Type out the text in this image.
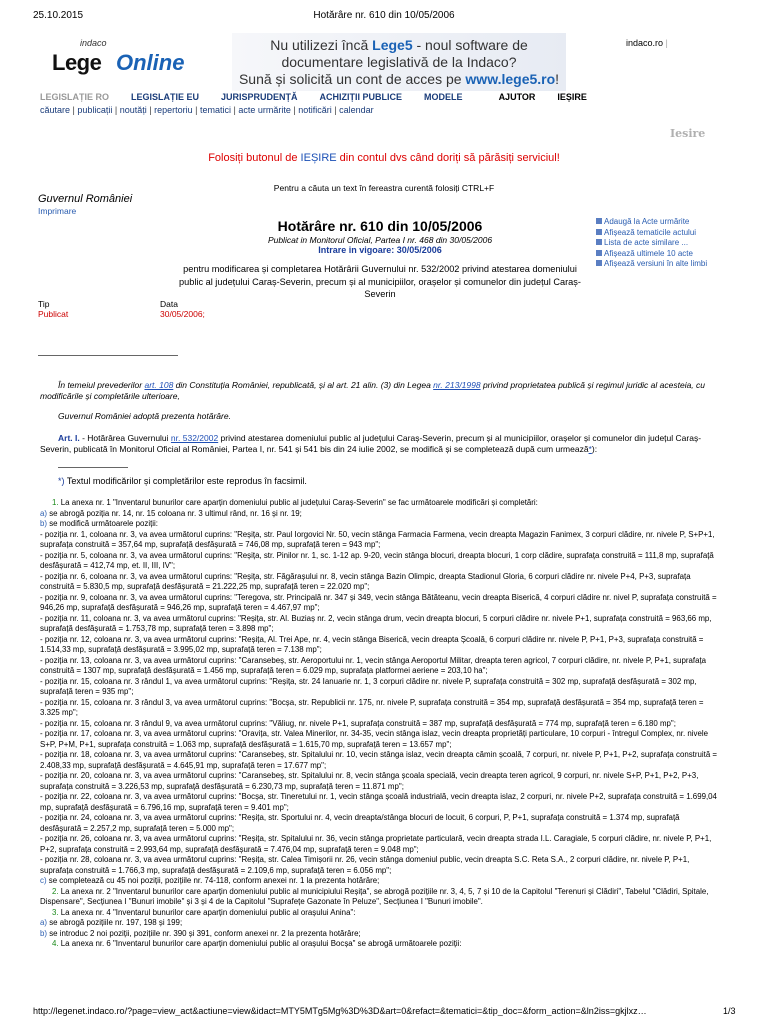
25.10.2015	Hotărâre nr. 610 din 10/05/2006
indaco
Lege Online
Nu utilizezi încă Lege5 - noul software de
documentare legislativă de la Indaco?
Sună și solicită un cont de acces pe www.lege5.ro!
indaco.ro |
LEGISLAȚIE RO LEGISLAȚIE EU JURISPRUDENȚĂ ACHIZIȚII PUBLICE MODELE	AJUTOR IEȘIRE
căutare | publicații | noutăți | repertoriu | tematici | acte urmărite | notificări | calendar
Iesire
Folosiți butonul de IEȘIRE din contul dvs când doriți să părăsiți serviciul!
Pentru a căuta un text în fereastra curentă folosiți CTRL+F
Guvernul României
Imprimare
Hotărâre nr. 610 din 10/05/2006
Publicat in Monitorul Oficial, Partea I nr. 468 din 30/05/2006
Intrare in vigoare: 30/05/2006
pentru modificarea și completarea Hotărârii Guvernului nr. 532/2002 privind atestarea domeniului public al județului Caraș-Severin, precum și al municipiilor, orașelor și comunelor din județul Caraș-Severin
Adaugă la Acte urmărite
Afișează tematicile actului
Lista de acte similare ...
Afișează ultimele 10 acte
Afișează versiuni în alte limbi
Tip	Data
Publicat	30/05/2006;
În temeiul prevederilor art. 108 din Constituția României, republicată, și al art. 21 alin. (3) din Legea nr. 213/1998 privind proprietatea publică și regimul juridic al acesteia, cu modificările și completările ulterioare,
Guvernul României adoptă prezenta hotărâre.
Art. I. - Hotărârea Guvernului nr. 532/2002 privind atestarea domeniului public al județului Caraș-Severin, precum și al municipiilor, orașelor și comunelor din județul Caraș-Severin, publicată în Monitorul Oficial al României, Partea I, nr. 541 și 541 bis din 24 iulie 2002, se modifică și se completează după cum urmează*):
*) Textul modificărilor și completărilor este reprodus în facsimil.

1. La anexa nr. 1 "Inventarul bunurilor care aparțin domeniului public al județului Caraș-Severin" se fac următoarele modificări și completări:

a) se abrogă poziția nr. 14, nr. 15 coloana nr. 3 ultimul rând, nr. 16 și nr. 19;

b) se modifică următoarele poziții:

- poziția nr. 1, coloana nr. 3, va avea următorul cuprins: "Reșița, str. Paul Iorgovici Nr. 50, vecin stânga Farmacia Farmena, vecin dreapta Magazin Fanimex, 3 corpuri clădire, nr. nivele P, S+P+1, suprafața construită = 357,64 mp, suprafață desfășurată = 746,08 mp, suprafață teren = 943 mp";

- poziția nr. 5, coloana nr. 3, va avea următorul cuprins: "Reșița, str. Pinilor nr. 1, sc. 1-12 ap. 9-20, vecin stânga blocuri, dreapta blocuri, 1 corp clădire, suprafața construită = 111,8 mp, suprafață desfășurată = 412,74 mp, et. II, III, IV";

- poziția nr. 6, coloana nr. 3, va avea următorul cuprins: "Reșița, str. Făgărașului nr. 8, vecin stânga Bazin Olimpic, dreapta Stadionul Gloria, 6 corpuri clădire nr. nivele P+4, P+3, suprafața construită = 5.830,5 mp, suprafață desfășurată = 21.222,25 mp, suprafață teren = 22.020 mp";

- poziția nr. 9, coloana nr. 3, va avea următorul cuprins: "Teregova, str. Principală nr. 347 și 349, vecin stânga Bătăteanu, vecin dreapta Biserică, 4 corpuri clădire nr. nivel P, suprafața construită = 946,26 mp, suprafață desfășurată = 946,26 mp, suprafață teren = 4.467,97 mp";

- poziția nr. 11, coloana nr. 3, va avea următorul cuprins: "Reșița, str. Al. Buziaș nr. 2, vecin stânga drum, vecin dreapta blocuri, 5 corpuri clădire nr. nivele P+1, suprafața construită = 963,66 mp, suprafață desfășurată = 1.753,78 mp, suprafață teren = 3.898 mp";

- poziția nr. 12, coloana nr. 3, va avea următorul cuprins: "Reșița, Al. Trei Ape, nr. 4, vecin stânga Biserică, vecin dreapta Școală, 6 corpuri clădire nr. nivele P, P+1, P+3, suprafața construită = 1.514,33 mp, suprafață desfășurată = 3.995,02 mp, suprafață teren = 7.138 mp";

- poziția nr. 13, coloana nr. 3, va avea următorul cuprins: "Caransebeș, str. Aeroportului nr. 1, vecin stânga Aeroportul Militar, dreapta teren agricol, 7 corpuri clădire, nr. nivele P, P+1, suprafața construită = 1307 mp, suprafață desfășurată = 1.456 mp, suprafață teren = 6.029 mp, suprafața platformei aeriene = 203,10 ha";

- poziția nr. 15, coloana nr. 3 rândul 1, va avea următorul cuprins: "Reșița, str. 24 Ianuarie nr. 1, 3 corpuri clădire nr. nivele P, suprafața construită = 302 mp, suprafață desfășurată = 302 mp, suprafață teren = 935 mp";

- poziția nr. 15, coloana nr. 3 rândul 3, va avea următorul cuprins: "Bocșa, str. Republicii nr. 175, nr. nivele P, suprafața construită = 354 mp, suprafață desfășurată = 354 mp, suprafață teren = 3.325 mp";

- poziția nr. 15, coloana nr. 3 rândul 9, va avea următorul cuprins: "Văliug, nr. nivele P+1, suprafața construită = 387 mp, suprafață desfășurată = 774 mp, suprafață teren = 6.180 mp";

- poziția nr. 17, coloana nr. 3, va avea următorul cuprins: "Oravița, str. Valea Minerilor, nr. 34-35, vecin stânga islaz, vecin dreapta proprietăți particulare, 10 corpuri - întregul Complex, nr. nivele S+P, P+M, P+1, suprafața construită = 1.063 mp, suprafață desfășurată = 1.615,70 mp, suprafață teren = 13.657 mp";

- poziția nr. 18, coloana nr. 3, va avea următorul cuprins: "Caransebeș, str. Spitalului nr. 10, vecin stânga islaz, vecin dreapta cămin școală, 7 corpuri, nr. nivele P, P+1, P+2, suprafața construită = 2.408,33 mp, suprafață desfășurată = 4.645,91 mp, suprafață teren = 17.677 mp";

- poziția nr. 20, coloana nr. 3, va avea următorul cuprins: "Caransebeș, str. Spitalului nr. 8, vecin stânga școala specială, vecin dreapta teren agricol, 9 corpuri, nr. nivele S+P, P+1, P+2, P+3, suprafața construită = 3.226,53 mp, suprafață desfășurată = 6.230,73 mp, suprafață teren = 11.871 mp";

- poziția nr. 22, coloana nr. 3, va avea următorul cuprins: "Bocșa, str. Tineretului nr. 1, vecin stânga școală industrială, vecin dreapta islaz, 2 corpuri, nr. nivele P+2, suprafața construită = 1.699,04 mp, suprafață desfășurată = 6.796,16 mp, suprafață teren = 9.401 mp";

- poziția nr. 24, coloana nr. 3, va avea următorul cuprins: "Reșița, str. Sportului nr. 4, vecin dreapta/stânga blocuri de locuit, 6 corpuri, P, P+1, suprafața construită = 1.374 mp, suprafață desfășurată = 2.257,2 mp, suprafață teren = 5.000 mp";

- poziția nr. 26, coloana nr. 3, va avea următorul cuprins: "Reșița, str. Spitalului nr. 36, vecin stânga proprietate particulară, vecin dreapta strada I.L. Caragiale, 5 corpuri clădire, nr. nivele P, P+1, P+2, suprafața construită = 2.993,64 mp, suprafață desfășurată = 7.476,04 mp, suprafață teren = 9.048 mp";

- poziția nr. 28, coloana nr. 3, va avea următorul cuprins: "Reșița, str. Calea Timișorii nr. 26, vecin stânga domeniul public, vecin dreapta S.C. Reta S.A., 2 corpuri clădire, nr. nivele P, P+1, suprafața construită = 1.766,3 mp, suprafață desfășurată = 2.109,6 mp, suprafață teren = 6.056 mp";

c) se completează cu 45 noi poziții, pozițiile nr. 74-118, conform anexei nr. 1 la prezenta hotărâre;

2. La anexa nr. 2 "Inventarul bunurilor care aparțin domeniului public al municipiului Reșița", se abrogă pozițiile nr. 3, 4, 5, 7 și 10 de la Capitolul "Terenuri și Clădiri", Tabelul "Clădiri, Spitale, Dispensare", Secțiunea I "Bunuri imobile" și 3 și 4 de la Capitolul "Suprafețe Gazonate în Peluze", Secțiunea I "Bunuri imobile".

3. La anexa nr. 4 "Inventarul bunurilor care aparțin domeniului public al orașului Anina":

a) se abrogă pozițiile nr. 197, 198 și 199;

b) se introduc 2 noi poziții, pozițiile nr. 390 și 391, conform anexei nr. 2 la prezenta hotărâre;

4. La anexa nr. 6 "Inventarul bunurilor care aparțin domeniului public al orașului Bocșa" se abrogă următoarele poziții:

http://legenet.indaco.ro/?page=view_act&actiune=view&idact=MTY5MTg5Mg%3D%3D&art=0&refact=&tematici=&tip_doc=&form_action=&ln2iss=gkjlxz…	1/3
